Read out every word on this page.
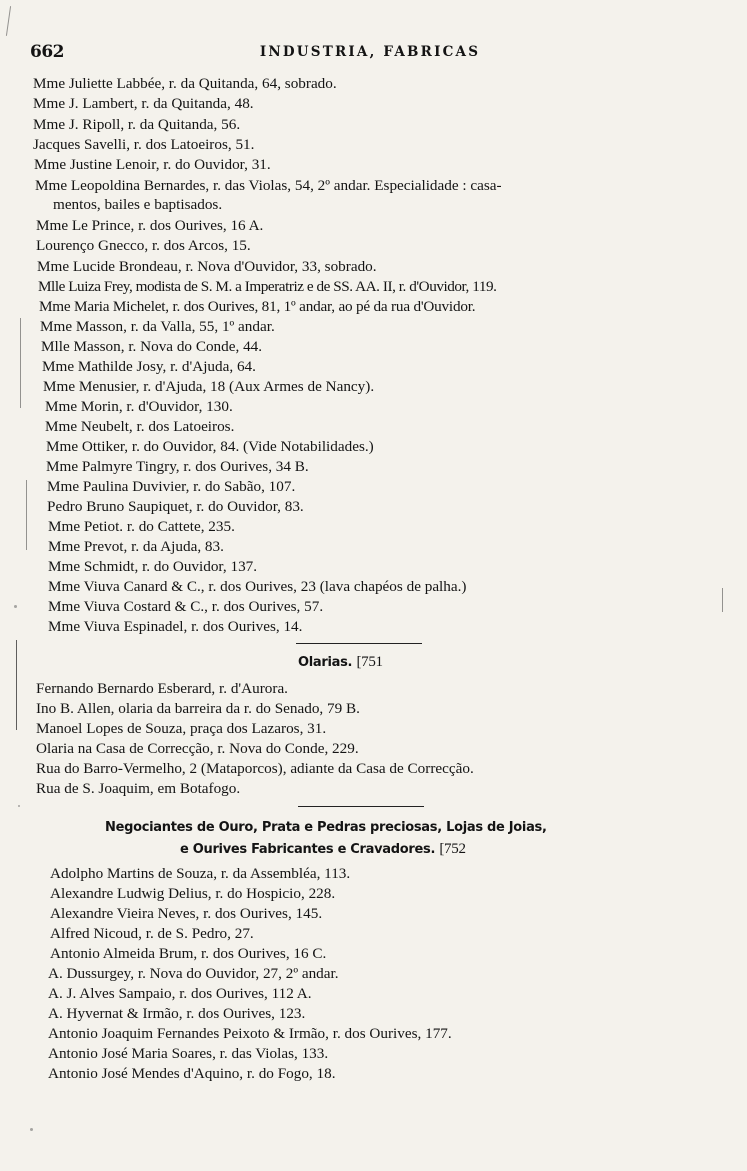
662	INDUSTRIA, FABRICAS
Mme Juliette Labbée, r. da Quitanda, 64, sobrado.
Mme J. Lambert, r. da Quitanda, 48.
Mme J. Ripoll, r. da Quitanda, 56.
Jacques Savelli, r. dos Latoeiros, 51.
Mme Justine Lenoir, r. do Ouvidor, 31.
Mme Leopoldina Bernardes, r. das Violas, 54, 2º andar. Especialidade : casa-
mentos, bailes e baptisados.
Mme Le Prince, r. dos Ourives, 16 A.
Lourenço Gnecco, r. dos Arcos, 15.
Mme Lucide Brondeau, r. Nova d'Ouvidor, 33, sobrado.
Mlle Luiza Frey, modista de S. M. a Imperatriz e de SS. AA. II, r. d'Ouvidor, 119.
Mme Maria Michelet, r. dos Ourives, 81, 1º andar, ao pé da rua d'Ouvidor.
Mme Masson, r. da Valla, 55, 1º andar.
Mlle Masson, r. Nova do Conde, 44.
Mme Mathilde Josy, r. d'Ajuda, 64.
Mme Menusier, r. d'Ajuda, 18 (Aux Armes de Nancy).
Mme Morin, r. d'Ouvidor, 130.
Mme Neubelt, r. dos Latoeiros.
Mme Ottiker, r. do Ouvidor, 84. (Vide Notabilidades.)
Mme Palmyre Tingry, r. dos Ourives, 34 B.
Mme Paulina Duvivier, r. do Sabão, 107.
Pedro Bruno Saupiquet, r. do Ouvidor, 83.
Mme Petiot. r. do Cattete, 235.
Mme Prevot, r. da Ajuda, 83.
Mme Schmidt, r. do Ouvidor, 137.
Mme Viuva Canard & C., r. dos Ourives, 23 (lava chapéos de palha.)
Mme Viuva Costard & C., r. dos Ourives, 57.
Mme Viuva Espinadel, r. dos Ourives, 14.
Olarias. [751
Fernando Bernardo Esberard, r. d'Aurora.
Ino B. Allen, olaria da barreira da r. do Senado, 79 B.
Manoel Lopes de Souza, praça dos Lazaros, 31.
Olaria na Casa de Correcção, r. Nova do Conde, 229.
Rua do Barro-Vermelho, 2 (Mataporcos), adiante da Casa de Correcção.
Rua de S. Joaquim, em Botafogo.
Negociantes de Ouro, Prata e Pedras preciosas, Lojas de Joias,
e Ourives Fabricantes e Cravadores. [752
Adolpho Martins de Souza, r. da Assembléa, 113.
Alexandre Ludwig Delius, r. do Hospicio, 228.
Alexandre Vieira Neves, r. dos Ourives, 145.
Alfred Nicoud, r. de S. Pedro, 27.
Antonio Almeida Brum, r. dos Ourives, 16 C.
A. Dussurgey, r. Nova do Ouvidor, 27, 2º andar.
A. J. Alves Sampaio, r. dos Ourives, 112 A.
A. Hyvernat & Irmão, r. dos Ourives, 123.
Antonio Joaquim Fernandes Peixoto & Irmão, r. dos Ourives, 177.
Antonio José Maria Soares, r. das Violas, 133.
Antonio José Mendes d'Aquino, r. do Fogo, 18.
